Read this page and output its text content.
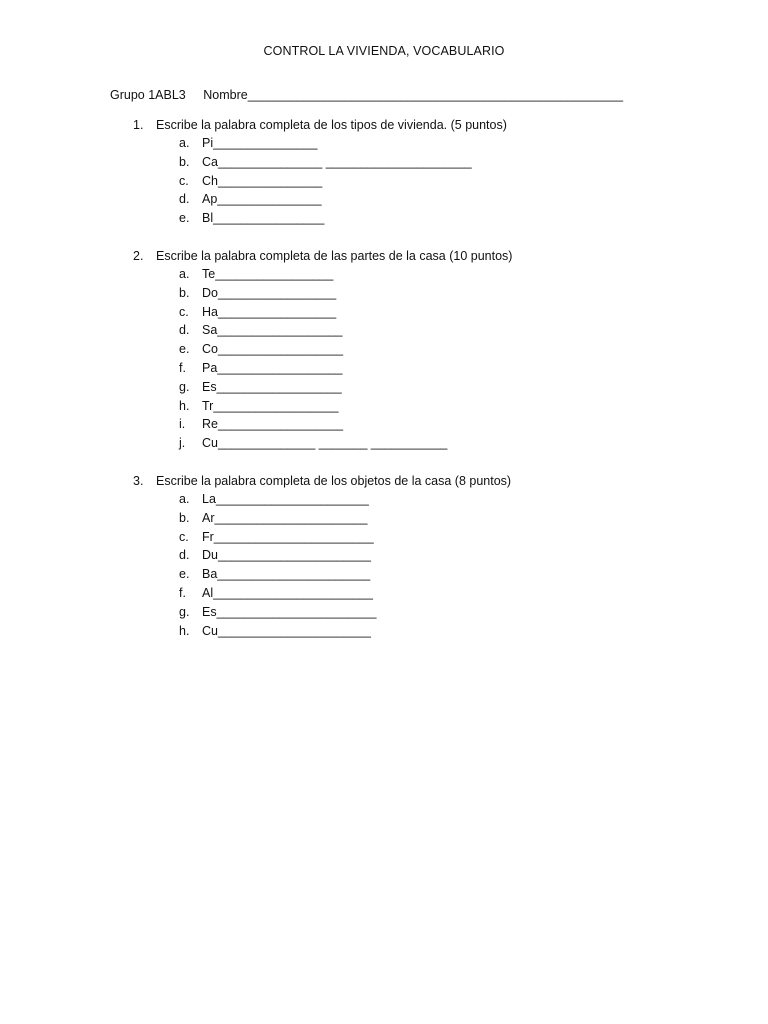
CONTROL LA VIVIENDA, VOCABULARIO
Grupo 1ABL3 Nombre______________________________________________________
1. Escribe la palabra completa de los tipos de vivienda. (5 puntos)
a. Pi_______________
b. Ca_______________ _____________________
c. Ch_______________
d. Ap_______________
e. Bl________________
2. Escribe la palabra completa de las partes de la casa (10 puntos)
a. Te_________________
b. Do_________________
c. Ha_________________
d. Sa__________________
e. Co__________________
f. Pa__________________
g. Es__________________
h. Tr__________________
i. Re__________________
j. Cu______________ _______ ___________
3. Escribe la palabra completa de los objetos de la casa (8 puntos)
a. La______________________
b. Ar______________________
c. Fr_______________________
d. Du______________________
e. Ba______________________
f. Al_______________________
g. Es_______________________
h. Cu______________________
